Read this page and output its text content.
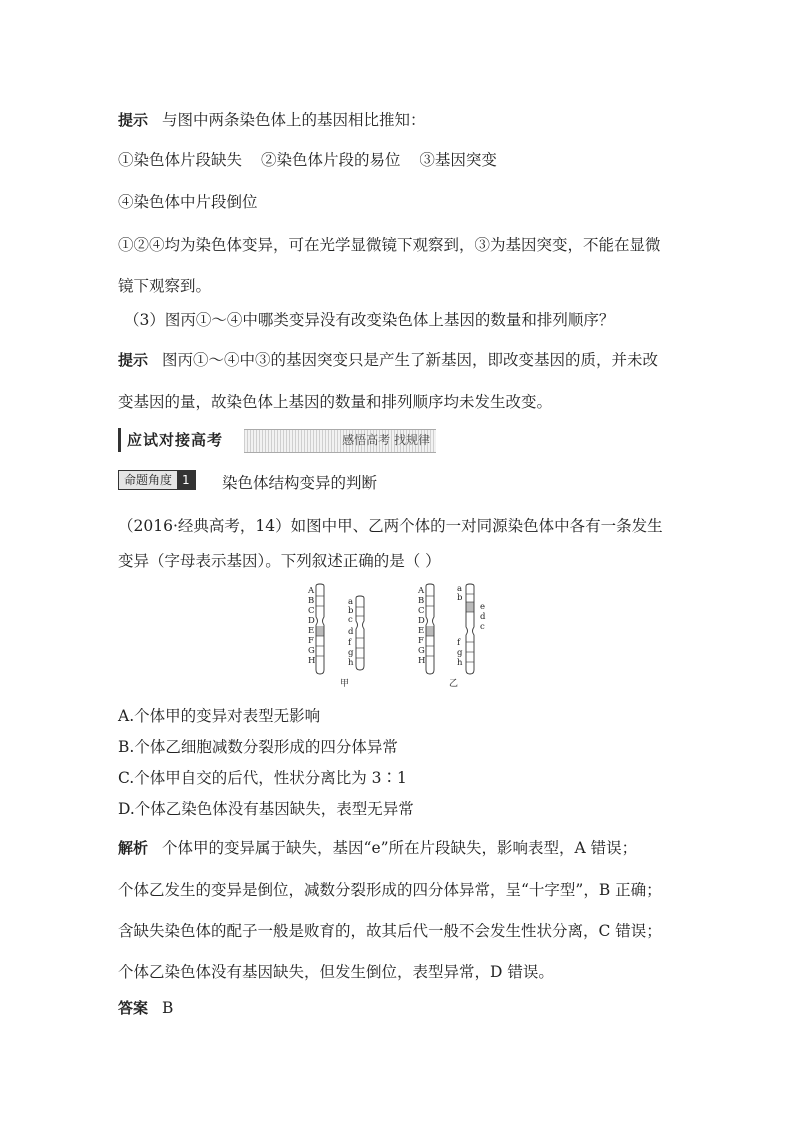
提示 与图中两条染色体上的基因相比推知：
①染色体片段缺失 ②染色体片段的易位 ③基因突变
④染色体中片段倒位
①②④均为染色体变异，可在光学显微镜下观察到，③为基因突变，不能在显微
镜下观察到。
（3）图丙①～④中哪类变异没有改变染色体上基因的数量和排列顺序？
提示 图丙①～④中③的基因突变只是产生了新基因，即改变基因的质，并未改
变基因的量，故染色体上基因的数量和排列顺序均未发生改变。
应试对接高考	感悟高考 找规律
命题角度 1	染色体结构变异的判断
（2016·经典高考，14）如图中甲、乙两个体的一对同源染色体中各有一条发生
变异（字母表示基因）。下列叙述正确的是（ ）
A
B
C
D
E
F
G
H
a
b
c
d
f
g
h
甲
A
B
C
D
E
F
G
H
a
b
e
d
c
f
g
h
乙
A.个体甲的变异对表型无影响
B.个体乙细胞减数分裂形成的四分体异常
C.个体甲自交的后代，性状分离比为 3∶1
D.个体乙染色体没有基因缺失，表型无异常
解析 个体甲的变异属于缺失，基因“e”所在片段缺失，影响表型，A 错误；
个体乙发生的变异是倒位，减数分裂形成的四分体异常，呈“十字型”，B 正确；
含缺失染色体的配子一般是败育的，故其后代一般不会发生性状分离，C 错误；
个体乙染色体没有基因缺失，但发生倒位，表型异常，D 错误。
答案 B
